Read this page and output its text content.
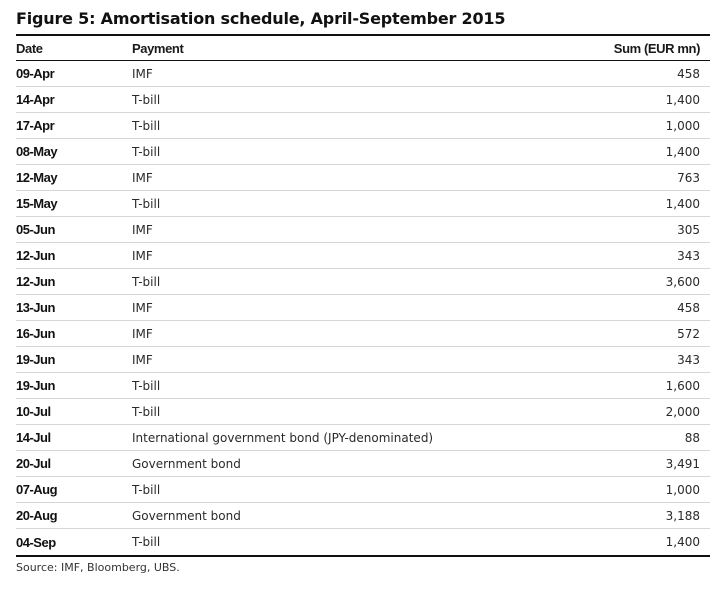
Figure 5: Amortisation schedule, April-September 2015
Date	Payment	Sum (EUR mn)
09-Apr	IMF	458
14-Apr	T-bill	1,400
17-Apr	T-bill	1,000
08-May	T-bill	1,400
12-May	IMF	763
15-May	T-bill	1,400
05-Jun	IMF	305
12-Jun	IMF	343
12-Jun	T-bill	3,600
13-Jun	IMF	458
16-Jun	IMF	572
19-Jun	IMF	343
19-Jun	T-bill	1,600
10-Jul	T-bill	2,000
14-Jul	International government bond (JPY-denominated)	88
20-Jul	Government bond	3,491
07-Aug	T-bill	1,000
20-Aug	Government bond	3,188
04-Sep	T-bill	1,400
Source: IMF, Bloomberg, UBS.
